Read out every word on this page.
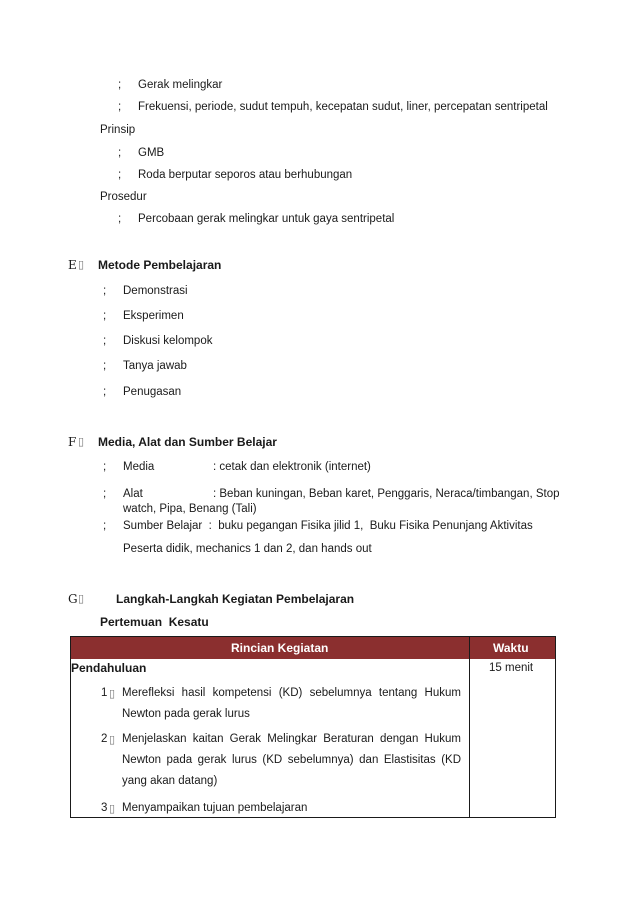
; Gerak melingkar
; Frekuensi, periode, sudut tempuh, kecepatan sudut, liner, percepatan sentripetal
Prinsip
; GMB
; Roda berputar seporos atau berhubungan
Prosedur
; Percobaan gerak melingkar untuk gaya sentripetal
E ▯ Metode Pembelajaran
; Demonstrasi
; Eksperimen
; Diskusi kelompok
; Tanya jawab
; Penugasan
F ▯ Media, Alat dan Sumber Belajar
; Media	: cetak dan elektronik (internet)
; Alat	: Beban kuningan, Beban karet, Penggaris, Neraca/timbangan, Stop
watch, Pipa, Benang (Tali)
; Sumber Belajar  :  buku pegangan Fisika jilid 1,  Buku Fisika Penunjang Aktivitas
Peserta didik, mechanics 1 dan 2, dan hands out
G ▯	Langkah-Langkah Kegiatan Pembelajaran
Pertemuan  Kesatu
Rincian Kegiatan	Waktu
Pendahuluan	15 menit
1 ▯ Merefleksi hasil kompetensi (KD) sebelumnya tentang Hukum Newton pada gerak lurus
2 ▯ Menjelaskan kaitan Gerak Melingkar Beraturan dengan Hukum Newton pada gerak lurus (KD sebelumnya) dan Elastisitas (KD yang akan datang)
3 ▯ Menyampaikan tujuan pembelajaran
